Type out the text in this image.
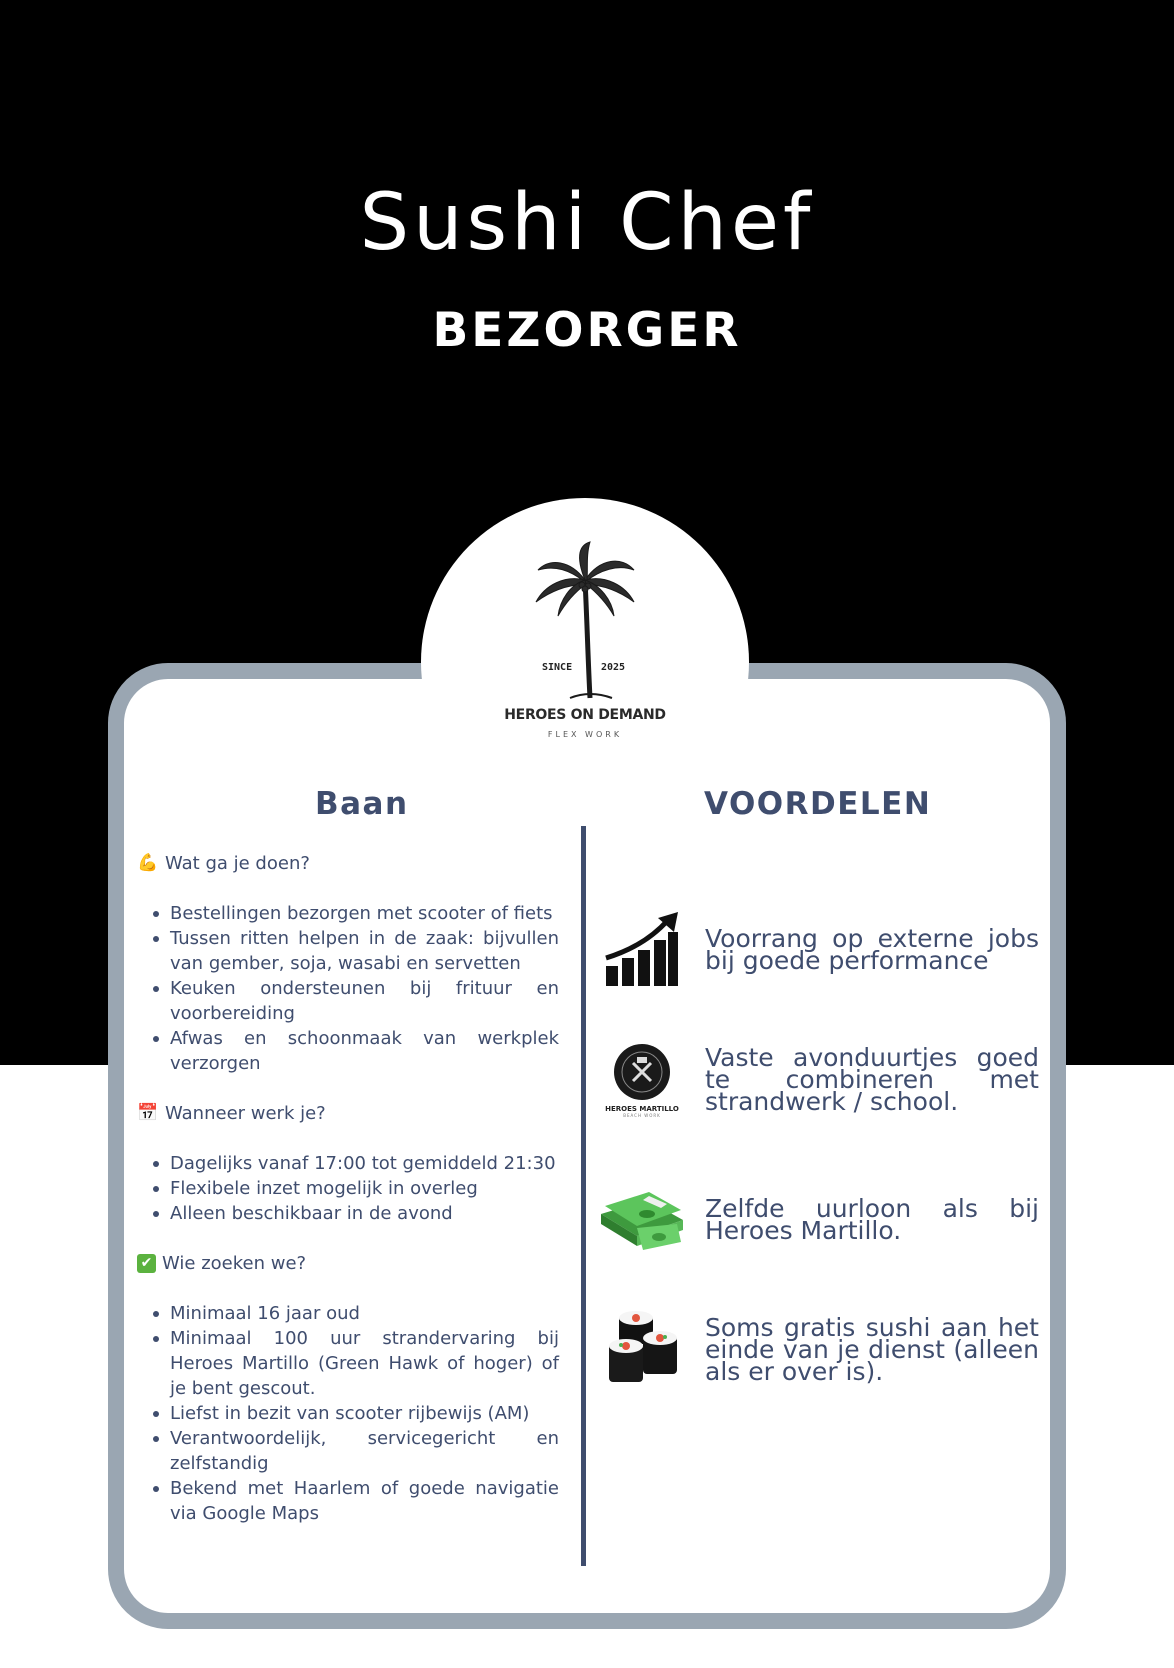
Sushi Chef
BEZORGER
SINCE	2025
HEROES ON DEMAND
FLEX WORK
Baan	VOORDELEN
💪 Wat ga je doen?
Bestellingen bezorgen met scooter of fiets
Tussen ritten helpen in de zaak: bijvullen van gember, soja, wasabi en servetten
Keuken ondersteunen bij frituur en voorbereiding
Afwas en schoonmaak van werkplek verzorgen
📅 Wanneer werk je?
Dagelijks vanaf 17:00 tot gemiddeld 21:30
Flexibele inzet mogelijk in overleg
Alleen beschikbaar in de avond
✔ Wie zoeken we?
Minimaal 16 jaar oud
Minimaal 100 uur strandervaring bij Heroes Martillo (Green Hawk of hoger) of je bent gescout.
Liefst in bezit van scooter rijbewijs (AM)
Verantwoordelijk, servicegericht en zelfstandig
Bekend met Haarlem of goede navigatie via Google Maps
Voorrang op externe jobs bij goede performance
HEROES MARTILLO
BEACH WORK
Vaste avonduurtjes goed te combineren met strandwerk / school.
Zelfde uurloon als bij Heroes Martillo.
Soms gratis sushi aan het einde van je dienst (alleen als er over is).
